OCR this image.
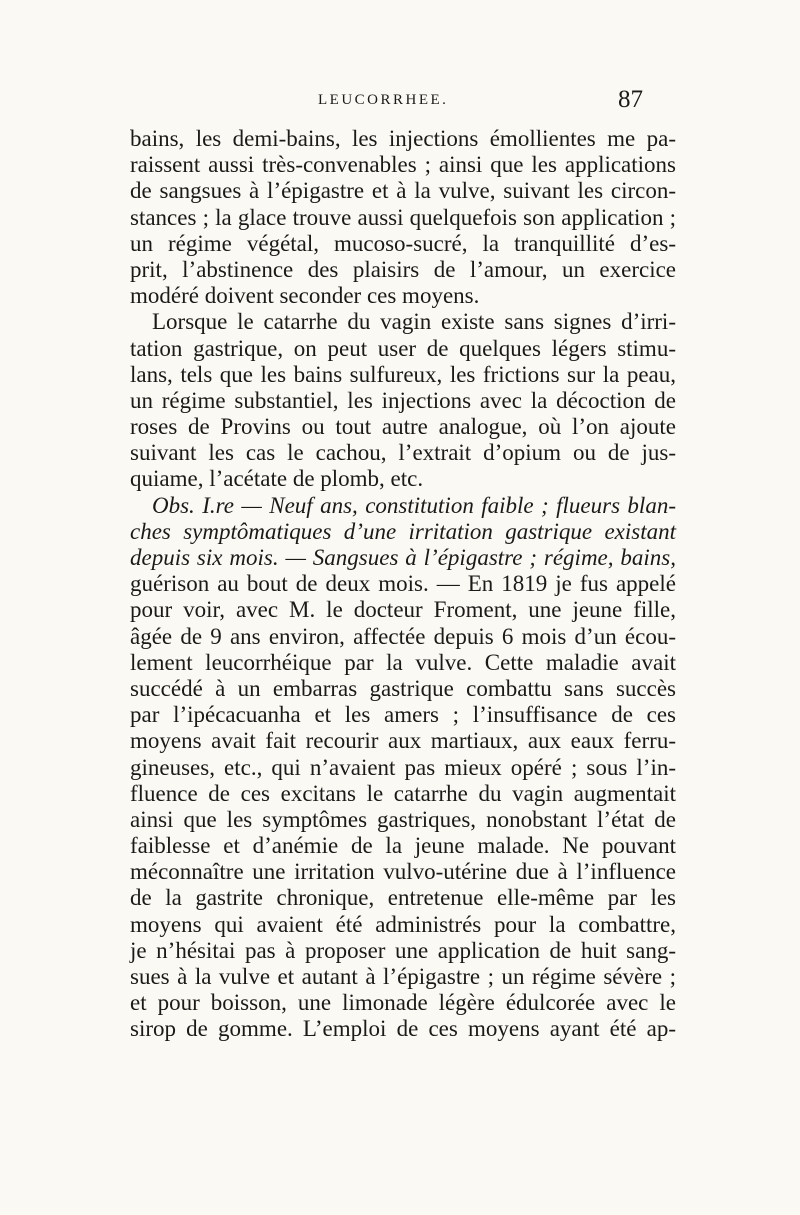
LEUCORRHEE.	87
bains, les demi-bains, les injections émollientes me pa-
raissent aussi très-convenables ; ainsi que les applications
de sangsues à l’épigastre et à la vulve, suivant les circon-
stances ; la glace trouve aussi quelquefois son application ;
un régime végétal, mucoso-sucré, la tranquillité d’es-
prit, l’abstinence des plaisirs de l’amour, un exercice
modéré doivent seconder ces moyens.
Lorsque le catarrhe du vagin existe sans signes d’irri-
tation gastrique, on peut user de quelques légers stimu-
lans, tels que les bains sulfureux, les frictions sur la peau,
un régime substantiel, les injections avec la décoction de
roses de Provins ou tout autre analogue, où l’on ajoute
suivant les cas le cachou, l’extrait d’opium ou de jus-
quiame, l’acétate de plomb, etc.
Obs. I.re — Neuf ans, constitution faible ; flueurs blan-
ches symptômatiques d’une irritation gastrique existant
depuis six mois. — Sangsues à l’épigastre ; régime, bains,
guérison au bout de deux mois. — En 1819 je fus appelé
pour voir, avec M. le docteur Froment, une jeune fille,
âgée de 9 ans environ, affectée depuis 6 mois d’un écou-
lement leucorrhéique par la vulve. Cette maladie avait
succédé à un embarras gastrique combattu sans succès
par l’ipécacuanha et les amers ; l’insuffisance de ces
moyens avait fait recourir aux martiaux, aux eaux ferru-
gineuses, etc., qui n’avaient pas mieux opéré ; sous l’in-
fluence de ces excitans le catarrhe du vagin augmentait
ainsi que les symptômes gastriques, nonobstant l’état de
faiblesse et d’anémie de la jeune malade. Ne pouvant
méconnaître une irritation vulvo-utérine due à l’influence
de la gastrite chronique, entretenue elle-même par les
moyens qui avaient été administrés pour la combattre,
je n’hésitai pas à proposer une application de huit sang-
sues à la vulve et autant à l’épigastre ; un régime sévère ;
et pour boisson, une limonade légère édulcorée avec le
sirop de gomme. L’emploi de ces moyens ayant été ap-
